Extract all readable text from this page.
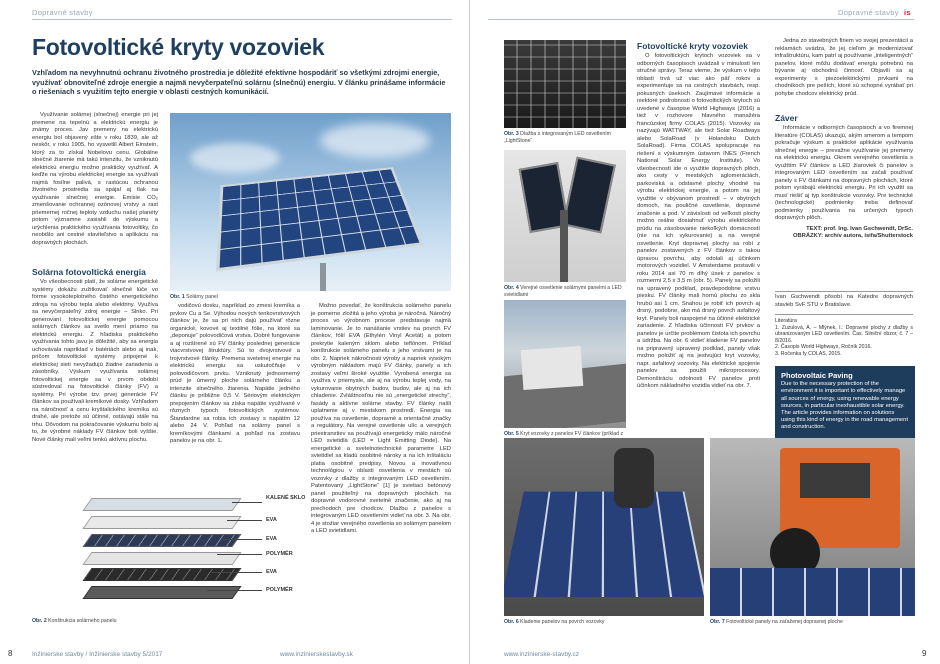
Dopravné stavby
Fotovoltické kryty vozoviek
Vzhľadom na nevyhnutnú ochranu životného prostredia je dôležité efektívne hospodáriť so všetkými zdrojmi energie, využívať obnoviteľné zdroje energie a najmä nevyčerpateľnú solárnu (slnečnú) energiu. V článku prinášame informácie o riešeniach s využitím tejto energie v oblasti cestných komunikácií.

Využívanie solárnej (slnečnej) energie pri jej premene na tepelnú a elektrickú energiu je známy proces. Jav premeny na elektrickú energiu bol objavený ešte v roku 1839, ale až neskôr, v roku 1905, ho vysvetlil Albert Einstein, ktorý za to získal Nobelovu cenu. Globálne slnečné žiarenie má takú intenzitu, že vzniknutú elektrickú energiu možno prakticky využívať. A keďže na výrobu elektrickej energie sa využívali najmä fosílne palivá, s rastúcou ochranou životného prostredia sa spájal aj tlak na využívanie slnečnej energie. Emisie CO₂ zmenšovanie ochrannej ozónovej vrstvy a rast priemernej ročnej teploty vzduchu našej planéty potom významne zasiahli do výskumu a urýchlenia praktického využívania fotovoltiky, čo neobišlo ani cestné staviteľstvo a aplikáciu na dopravných plochách.

Solárna fotovoltická energia

Vo všeobecnosti platí, že solárne energetické systémy dokážu zužitkovať slnečné lúče vo forme vysokoteplotného čistého energetického zdroja na výrobu tepla alebo elektriny. Využíva sa nevyčerpateľný zdroj energie – Slnko. Pri generovaní fotovoltickej energie pomocou solárnych článkov sa svetlo mení priamo na elektrickú energiu. Z hľadiska praktického využívania tohto javu je dôležité, aby sa energia uchovávala napríklad v batériách alebo aj inak, pričom fotovoltické systémy pripojené k elektrickej sieti nevyžadujú žiadne zariadenia a zásobníky. Výskum využívania solárnej fotovoltickej energie sa v prvom období sústredoval na fotovoltické články (FV) a systémy. Pri výrobe tzv. prvej generácie FV článkov sa používali kremíkové dosky. Vzhľadom na náročnosť a cenu kryštalického kremíka sú drahé, ale pretože sú účinné, ostávajú stále na trhu. Dôvodom na pokračovanie výskumu bolo aj to, že výrobné náklady FV článkov boli vyššie. Nové články mali veľmi tenkú aktívnu plochu.

Obr. 1 Solárny panel

vodičovú dosku, napríklad zo zmesi kremíka a prvkov Cu a Se. Výhodou nových tenkovrstvových článkov je, že sa pri nich dajú používať rôzne organické, kovové aj textilné fólie, na ktoré sa „deponuje“ polovodičová vrstva. Dobré fungovanie a aj rozšírené sú FV články poslednej generácie viacvrstvovej štruktúry. Sú to dvojvrstvové a trojvrstvové články. Premena svetelnej energie na elektrickú energiu sa uskutočňuje v polovodičovom prvku. Vzniknutý jednosmerný prúd je úmerný ploche solárneho článku a intenzite slnečného žiarenia. Napätie jedného článku je približne 0,5 V. Sériovým elektrickým prepojením článkov sa získa napätie využívané v rôznych typoch fotovoltických systémov. Štandardne sa robia ich zostavy s napätím 12 alebo 24 V. Pohľad na solárny panel s kremíkovými článkami a pohľad na zostavu panelov je na obr. 1.

Možno povedať, že konštrukcia solárneho panelu je pomerne zložitá a jeho výroba je náročná. Náročný proces vo výrobnom procese predstavuje najmä laminovanie. Je to nanášanie vrstiev na povrch FV článkov, fólií EVA (Ethylén Vinyl Acetát) a potom prekrytie kaleným sklom alebo teflónom. Príklad konštrukcie solárneho panelu s jeho vrstvami je na obr. 2. Napriek nákročnosti výroby a napriek vysokým výrobným nákladom majú FV články, panely a ich zostavy veľmi široké využitie. Vyrobená energia sa využíva v priemysle, ale aj na výrobu teplej vody, na vykurovanie obytných budov, budov, ale aj na ich chladenie. Zvláštnosťou nie sú „energetické strechy“, fasády a aktívne solárne stavby. FV články našli uplatnenie aj v mestskom prostredí. Energia sa používa na osvetlenie, dopravné a orientačné značky a regulátory. Na verejné osvetlenie ulíc a verejných priestranstiev sa používajú energeticky málo náročné LED svietidlá (LED = Light Emitting Diode). Na energetické a svetelnotechnické parametre LED svietidiel sa kladú osobitné nároky a na ich inštaláciu platia osobitné predpisy. Novou a inovatívnou technológiou v oblasti osvetlenia v mestách sú vozovky z dlažby s integrovaným LED osvetlením. Patentovaný „LightStone“ [1] je svietiaci betónový panel použiteľný na dopravných plochách na dopravné vodorovné svetelné značenie, ako aj na prechodoch pre chodcov. Dlažbu z panelov s integrovaným LED osvetlením vidieť na obr. 3. Na obr. 4 je stoźiar verejného osvetlenia so solárnym panelom a LED svietidlami.

KALENÉ SKLO
EVA
EVA
POLYMÉR
EVA
POLYMÉR
Obr. 2 Konštrukcia solárneho panelu
8	Inžinierske stavby / Inžinierske stavby 5/2017	www.inzinierskestavby.sk
Dopravné stavby is
Obr. 3 Dlažba s integrovaným LED osvetlením „LightStone“
Obr. 4 Verejné osvetlenie solárnymi panelmi a LED svietidlami
Obr. 5 Kryt vozovky z panelov FV článkov (príklad z
Fotovoltické kryty vozoviek

O fotovoltických krytoch vozoviek sa v odborných časopisoch uvádzali v minulosti len stručné správy. Teraz vieme, že výskum v tejto oblasti trvá už viac ako päť rokov a experimentuje sa na cestných stavbách, resp. pokusných úsekoch. Zaujímavé informácie a niektoré podrobnosti o fotovoltických krytoch sú uvedené v časopise World Highways (2016) a tiež v rozhovore hlavného manažéra francúzskej firmy COLAS (2015). Vozovky sa nazývajú WATTWAY, ale tiež Solar Roadways alebo SolaRoad (v Holandsku Dutch SolaRoad). Firma COLAS spolupracuje na riešení s výskumným ústavom INES (French National Solar Energy Institute). Vo všeobecnosti ide o využitie dopravných plôch, ako cesty v mestských aglomeráciách, parkoviská a odstavné plochy vhodné na výrobu elektrickej energie, a potom na jej využitie v obývanom prostredí – v obytných domoch, na pouličné osvetlenie, dopravné značenie a pod. V závislosti od veľkosti plochy možno reálne dosiahnuť výrobu elektrického prúdu na zásobovanie niekoľkých domácností (nie na ich vykurovanie) a na verejné osvetlenie. Kryt dopravnej plochy sa robí z panelov zostavených z FV článkov s takou úpravou povrchu, aby odolali aj účinkom motorových vozidiel. V Amsterdame postavili v roku 2014 asi 70 m dlhý úsek z panelov s rozmermi 2,5 x 3,5 m (obr. 5). Panely sa položili na upravený podklad, pravdepodobne vrstvu piesku. FV články mali hornú plochu zo skla hrubú asi 1 cm. Snahou je robiť ich povrch aj drsný, podobne, ako má drsný povrch asfaltový kryt. Panely boli naspojené na účinné elektrické zariadenie. Z hľadiska účinnosti FV prvkov a panelov je určite problémom čistota ich povrchu a údržba. Na obr. 6 vidieť kladenie FV panelov na pripravený upravený podklad, panely však možno položiť aj na jestvujúci kryt vozovky, napr. asfaltový vozovky. Na elektrické spojenie panelov sa použili mikroprocesory. Demonštráciu odolnosti FV panelov proti účinkom nákladného vozidla vidieť na obr. 7.

Jedna zo stavebných firiem vo svojej prezentácii a reklamách uvádza, že jej cieľom je modernizovať infraštruktúru, kam patrí aj používanie „inteligentných“ panelov, ktoré môžu dodávať energiu potrebnú na bývanie aj obchodnú činnosť. Objavili sa aj experimenty s piezoelektrickými prvkami na chodníkoch pre peších, ktoré sú schopné vyrábať pri pohybe chodcov elektrický prúd.

Záver

Informácie v odborných časopisoch a vo firemnej literatúre (COLAS) ukazujú, akým smerom a tempom pokračuje výskum a praktické aplikácie využívania slnečnej energie – prevažne využívanie jej premeny na elektrickú energiu. Okrem verejného osvetlenia s využitím FV článkov a LED žiaroviek či panelov s integrovaným LED osvetlením sa začali používať panely s FV článkami na dopravných plochách, ktoré potom vyrábajú elektrickú energiu. Pri ich využití sa musí riešiť aj typ konštrukcie vozovky. Pre technické (technologické) podmienky treba definovať podmienky používania na určených typoch dopravných plôch.

TEXT: prof. Ing. Ivan Gschwendt, DrSc.
OBRÁZKY: archív autora, isifa/Shutterstock
Ivan Gschwendt pôsobí na Katedre dopravných stavieb SvF STU v Bratislave.
Literatúra
1. Zuzulová, A. – Mlýnek, I.: Dopravné plochy z dlažby s ubranizovaným LED osvetlením. Čas. Silniční obzor, č. 7 – 8/2016.
2. Časopis World Highways, Ročník 2016.
3. Ročenka fy COLAS, 2015.
Photovoltaic Paving
Due to the necessary protection of the environment it is important to effectively manage all sources of energy, using renewable energy sources, in particular inexhaustible solar energy. The article provides information on solutions using this kind of energy in the road management and construction.
Obr. 6 Kladenie panelov na povrch vozovky	Obr. 7 Fotovoltické panely na zaťaženej dopravnej ploche
www.inzinierske-stavby.cz	9
